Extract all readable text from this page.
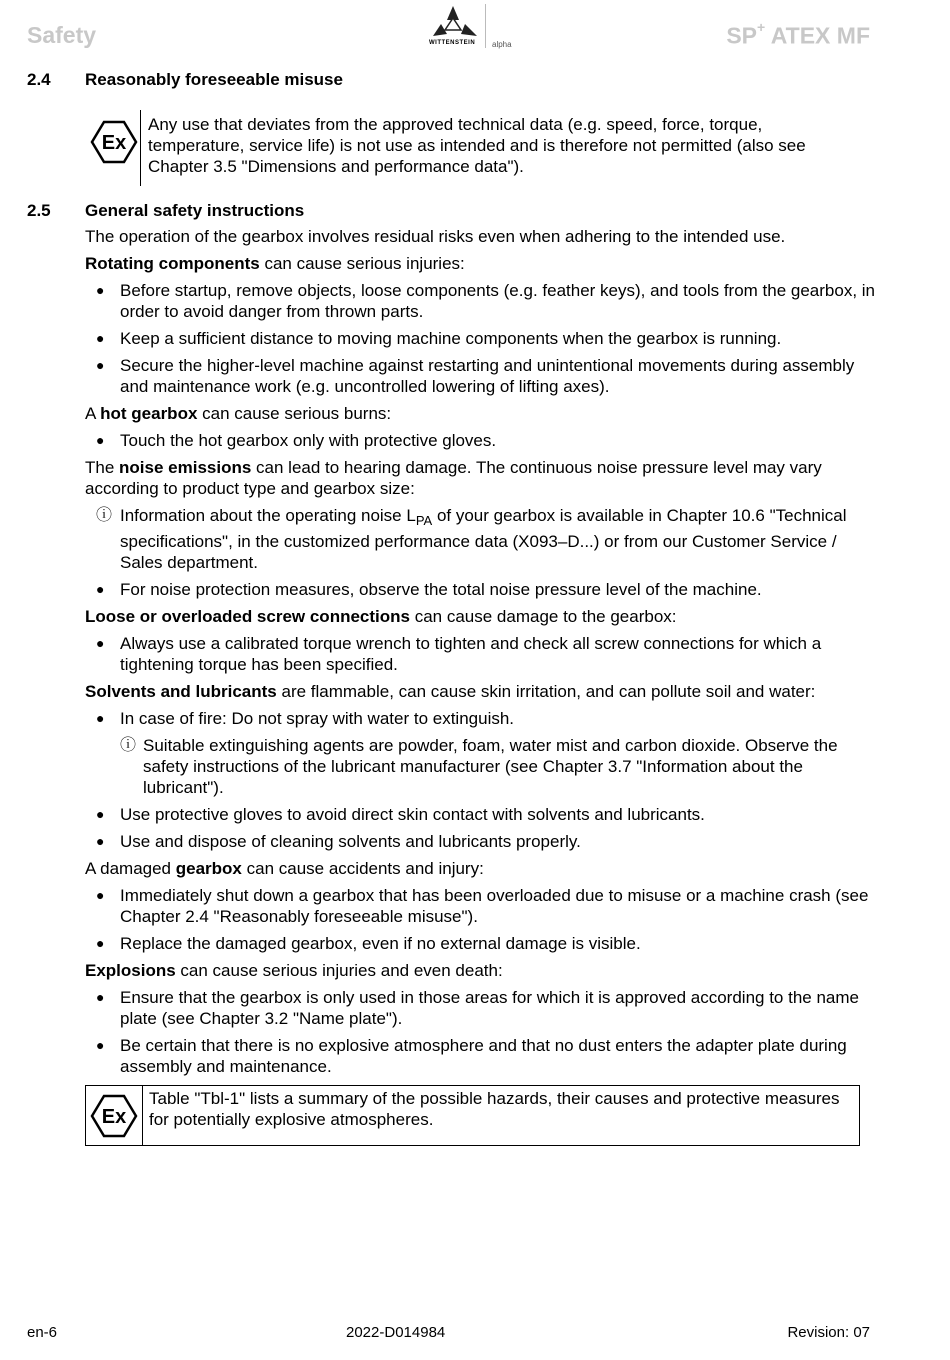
Safety	WITTENSTEIN alpha	SP+ ATEX MF
2.4 Reasonably foreseeable misuse
Ex

Any use that deviates from the approved technical data (e.g. speed, force, torque, temperature, service life) is not use as intended and is therefore not permitted (also see Chapter 3.5 "Dimensions and performance data").

2.5 General safety instructions

The operation of the gearbox involves residual risks even when adhering to the intended use.

Rotating components can cause serious injuries:

● Before startup, remove objects, loose components (e.g. feather keys), and tools from the gearbox, in order to avoid danger from thrown parts.
● Keep a sufficient distance to moving machine components when the gearbox is running.
● Secure the higher-level machine against restarting and unintentional movements during assembly and maintenance work (e.g. uncontrolled lowering of lifting axes).

A hot gearbox can cause serious burns:

● Touch the hot gearbox only with protective gloves.

The noise emissions can lead to hearing damage. The continuous noise pressure level may vary according to product type and gearbox size:

ⓘ Information about the operating noise $L_{PA}$ of your gearbox is available in Chapter 10.6 "Technical specifications", in the customized performance data (X093–D...) or from our Customer Service / Sales department.
● For noise protection measures, observe the total noise pressure level of the machine.

Loose or overloaded screw connections can cause damage to the gearbox:

● Always use a calibrated torque wrench to tighten and check all screw connections for which a tightening torque has been specified.

Solvents and lubricants are flammable, can cause skin irritation, and can pollute soil and water:

● In case of fire: Do not spray with water to extinguish.
ⓘ Suitable extinguishing agents are powder, foam, water mist and carbon dioxide. Observe the safety instructions of the lubricant manufacturer (see Chapter 3.7 "Information about the lubricant").
● Use protective gloves to avoid direct skin contact with solvents and lubricants.
● Use and dispose of cleaning solvents and lubricants properly.

A damaged gearbox can cause accidents and injury:

● Immediately shut down a gearbox that has been overloaded due to misuse or a machine crash (see Chapter 2.4 "Reasonably foreseeable misuse").
● Replace the damaged gearbox, even if no external damage is visible.

Explosions can cause serious injuries and even death:

● Ensure that the gearbox is only used in those areas for which it is approved according to the name plate (see Chapter 3.2 "Name plate").
● Be certain that there is no explosive atmosphere and that no dust enters the adapter plate during assembly and maintenance.
Ex

Table "Tbl-1" lists a summary of the possible hazards, their causes and protective measures for potentially explosive atmospheres.

en-6	2022-D014984	Revision: 07
